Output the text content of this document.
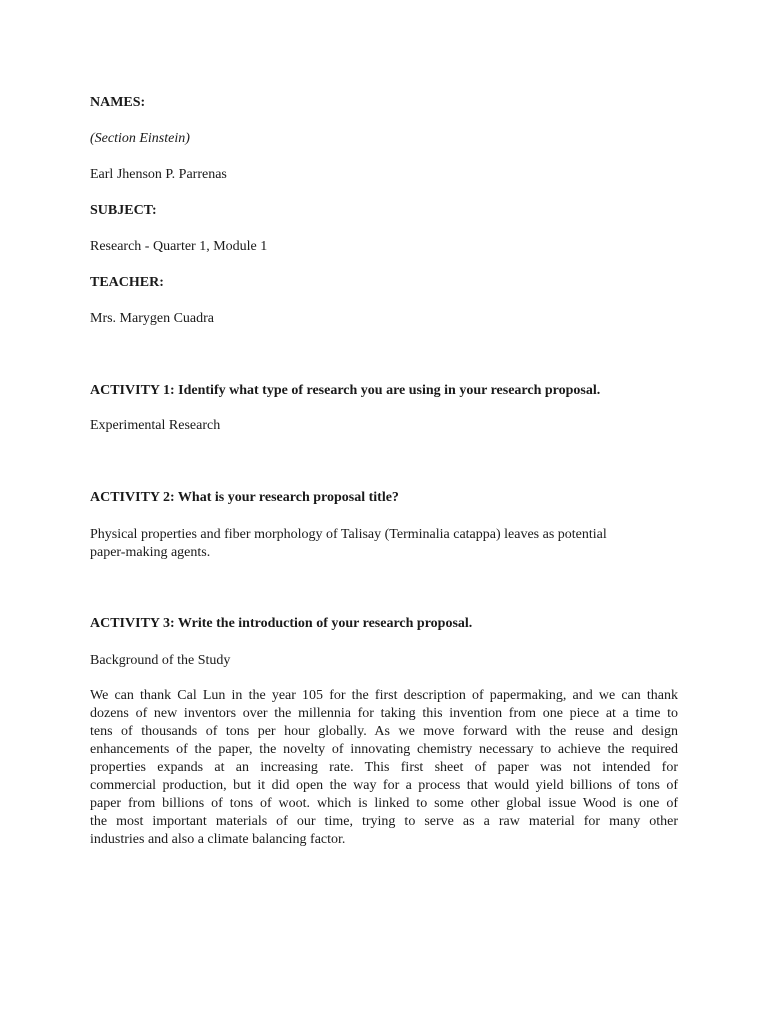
NAMES:
(Section Einstein)
Earl Jhenson P. Parrenas
SUBJECT:
Research - Quarter 1, Module 1
TEACHER:
Mrs. Marygen Cuadra
ACTIVITY 1: Identify what type of research you are using in your research proposal.
Experimental Research
ACTIVITY 2: What is your research proposal title?
Physical properties and fiber morphology of Talisay (Terminalia catappa) leaves as potential
paper-making agents.
ACTIVITY 3: Write the introduction of your research proposal.
Background of the Study
We can thank Cal Lun in the year 105 for the first description of papermaking, and we can thank
dozens of new inventors over the millennia for taking this invention from one piece at a time to
tens of thousands of tons per hour globally. As we move forward with the reuse and design
enhancements of the paper, the novelty of innovating chemistry necessary to achieve the required
properties expands at an increasing rate. This first sheet of paper was not intended for
commercial production, but it did open the way for a process that would yield billions of tons of
paper from billions of tons of woot. which is linked to some other global issue Wood is one of
the most important materials of our time, trying to serve as a raw material for many other
industries and also a climate balancing factor.
